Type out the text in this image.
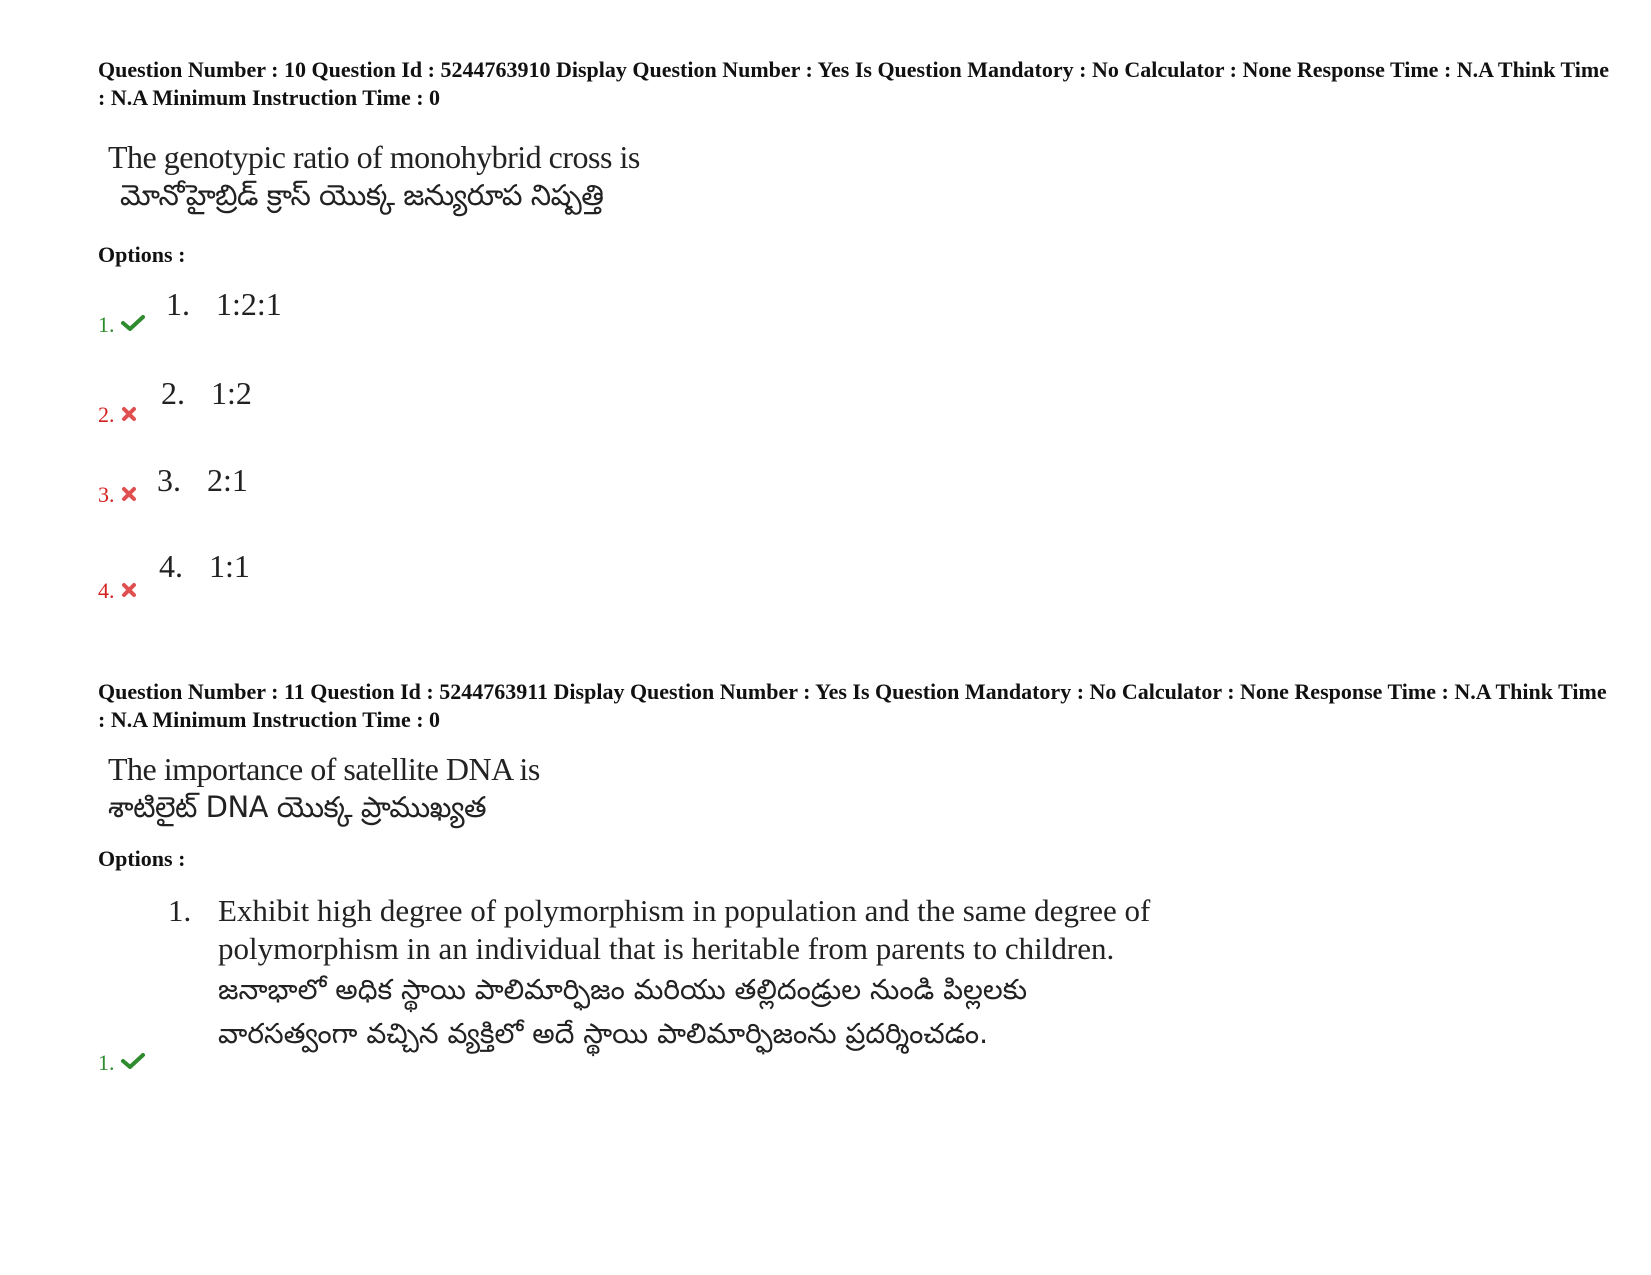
Question Number : 10 Question Id : 5244763910 Display Question Number : Yes Is Question Mandatory : No Calculator : None Response Time : N.A Think Time : N.A Minimum Instruction Time : 0
The genotypic ratio of monohybrid cross is
మోనోహైబ్రిడ్ క్రాస్ యొక్క జన్యురూప నిష్పత్తి
Options :
1.
1. 1:2:1
2.
2. 1:2
3. 3. 2:1
4.
4. 1:1
Question Number : 11 Question Id : 5244763911 Display Question Number : Yes Is Question Mandatory : No Calculator : None Response Time : N.A Think Time : N.A Minimum Instruction Time : 0
The importance of satellite DNA is
శాటిలైట్ DNA యొక్క ప్రాముఖ్యత
Options :
1. Exhibit high degree of polymorphism in population and the same degree of
polymorphism in an individual that is heritable from parents to children.
జనాభాలో అధిక స్థాయి పాలిమార్ఫిజం మరియు తల్లిదండ్రుల నుండి పిల్లలకు
వారసత్వంగా వచ్చిన వ్యక్తిలో అదే స్థాయి పాలిమార్ఫిజంను ప్రదర్శించడం.
1.
